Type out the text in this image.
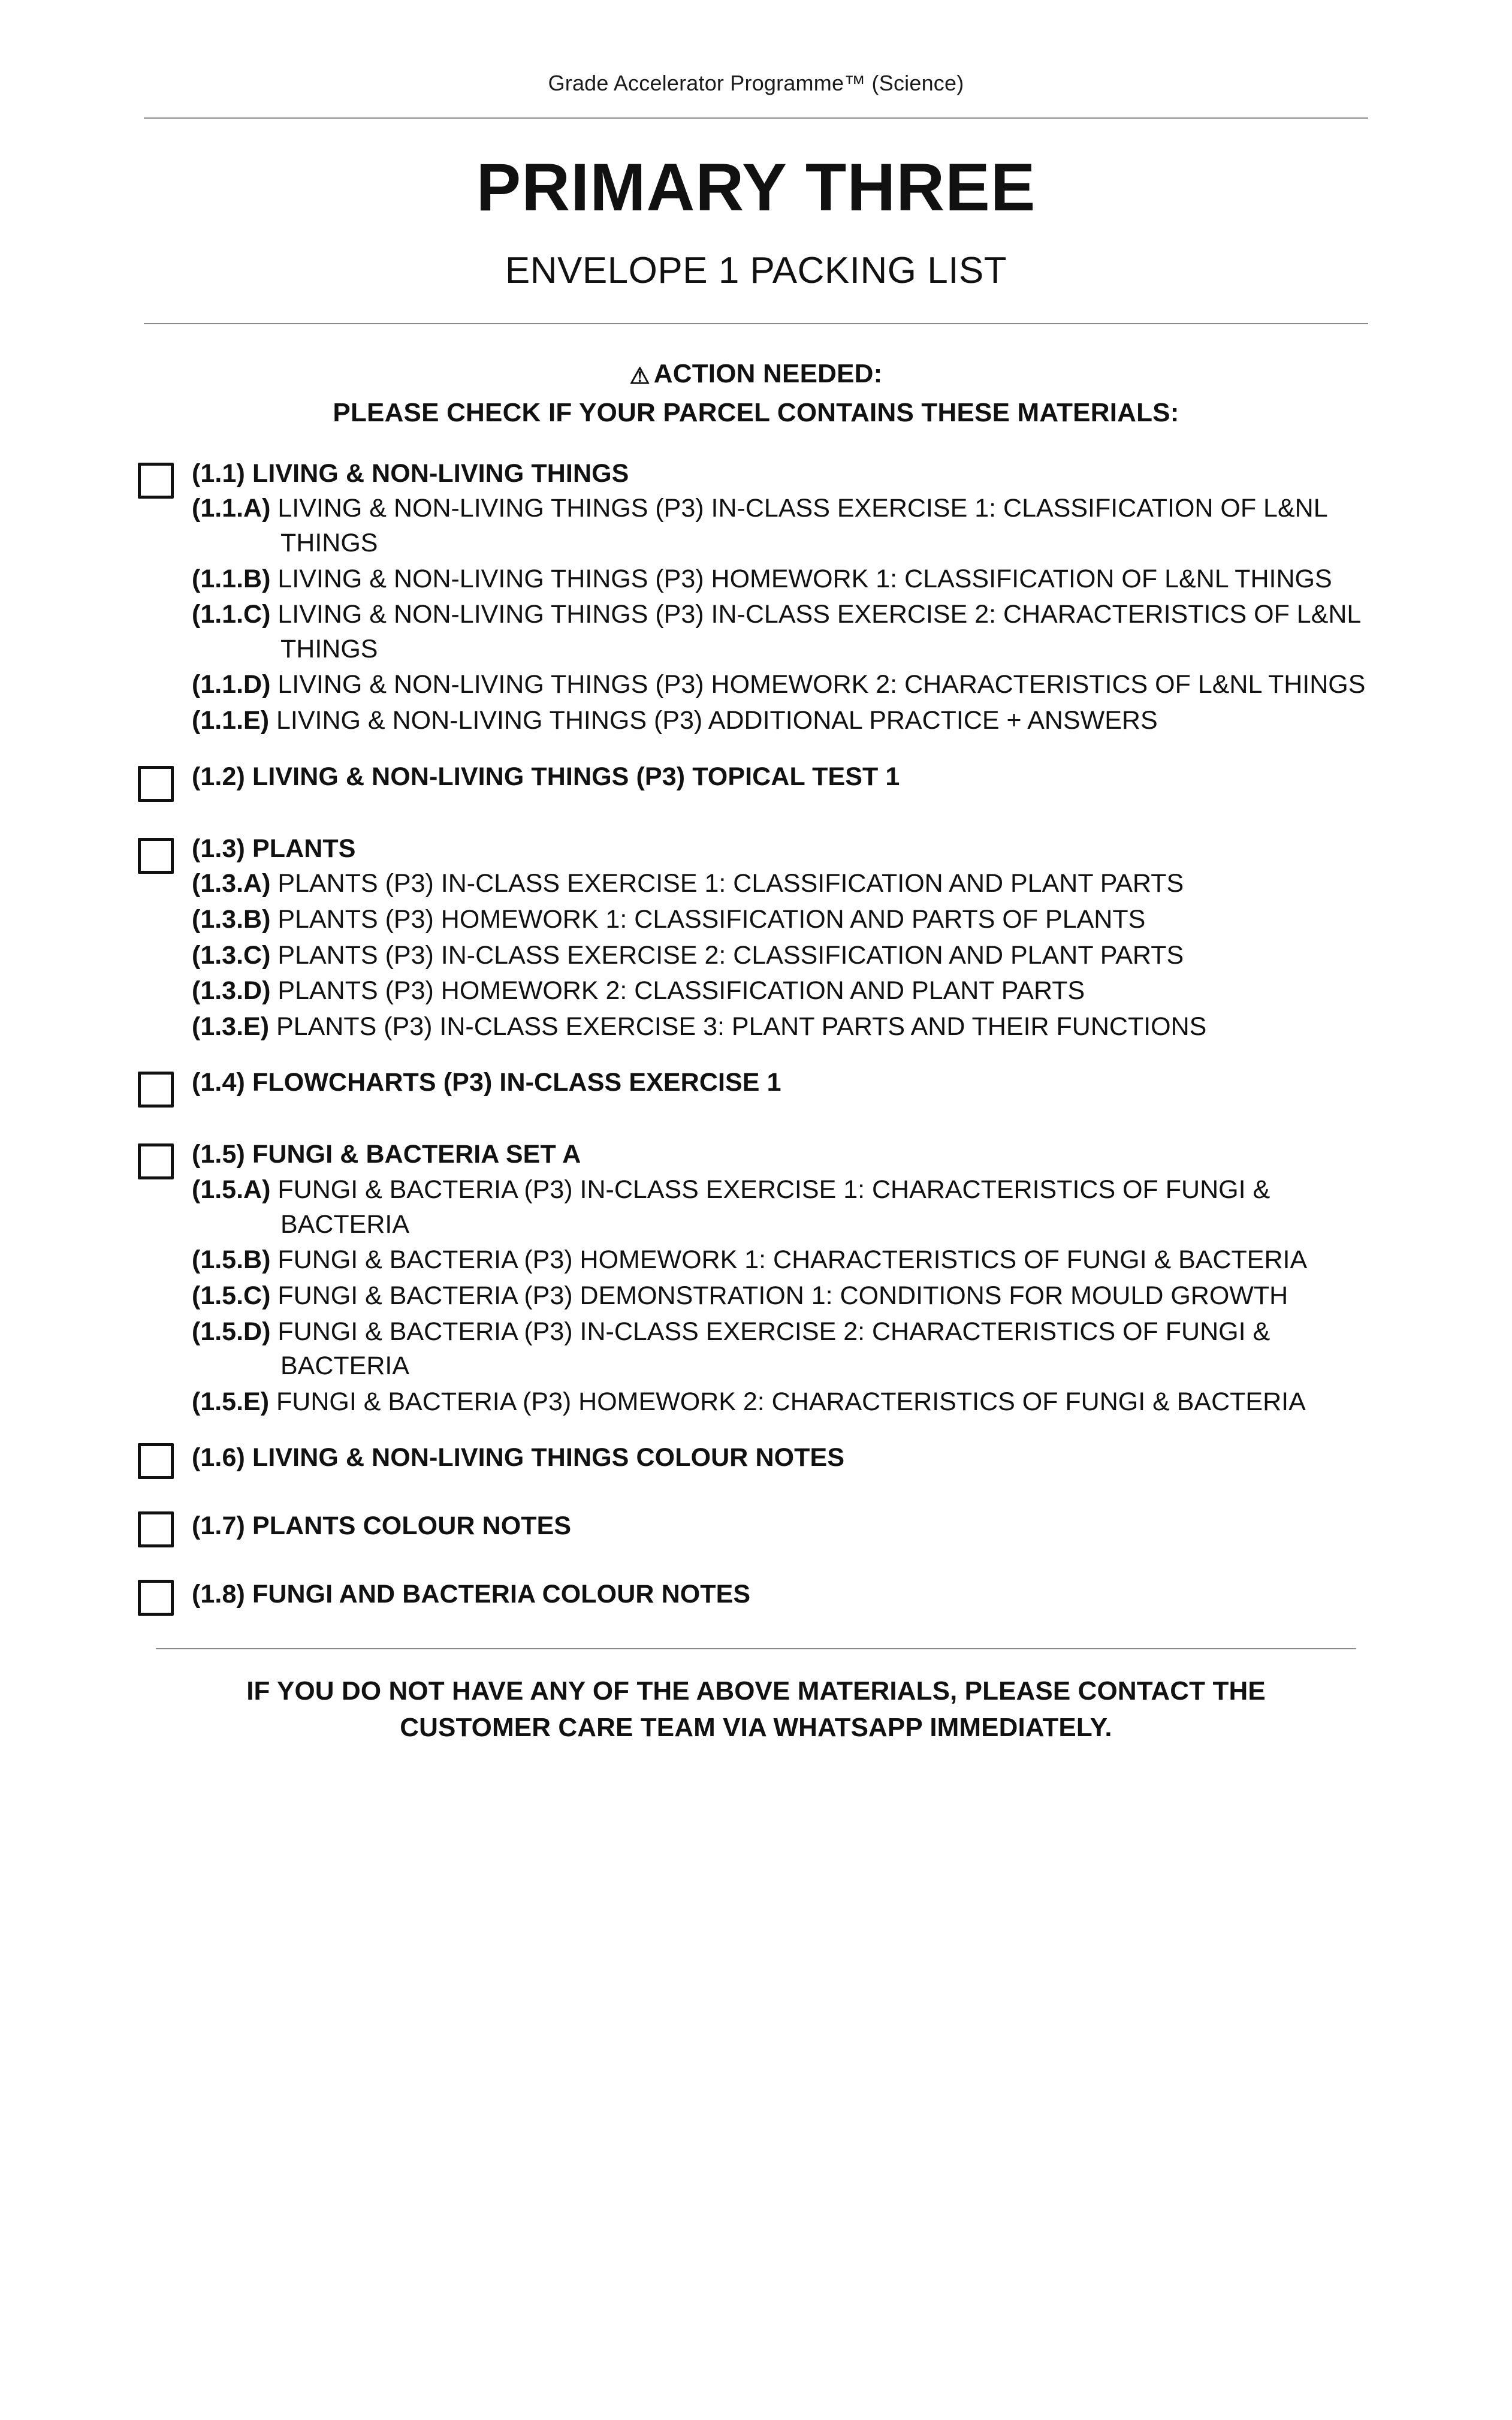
Grade Accelerator Programme™ (Science)
PRIMARY THREE
ENVELOPE 1 PACKING LIST
⚠ ACTION NEEDED:
PLEASE CHECK IF YOUR PARCEL CONTAINS THESE MATERIALS:
(1.1) LIVING & NON-LIVING THINGS
(1.1.A) LIVING & NON-LIVING THINGS (P3) IN-CLASS EXERCISE 1: CLASSIFICATION OF L&NL THINGS
(1.1.B) LIVING & NON-LIVING THINGS (P3) HOMEWORK 1: CLASSIFICATION OF L&NL THINGS
(1.1.C) LIVING & NON-LIVING THINGS (P3) IN-CLASS EXERCISE 2: CHARACTERISTICS OF L&NL THINGS
(1.1.D) LIVING & NON-LIVING THINGS (P3) HOMEWORK 2: CHARACTERISTICS OF L&NL THINGS
(1.1.E) LIVING & NON-LIVING THINGS (P3) ADDITIONAL PRACTICE + ANSWERS
(1.2) LIVING & NON-LIVING THINGS (P3) TOPICAL TEST 1
(1.3) PLANTS
(1.3.A) PLANTS (P3) IN-CLASS EXERCISE 1: CLASSIFICATION AND PLANT PARTS
(1.3.B) PLANTS (P3) HOMEWORK 1: CLASSIFICATION AND PARTS OF PLANTS
(1.3.C) PLANTS (P3) IN-CLASS EXERCISE 2: CLASSIFICATION AND PLANT PARTS
(1.3.D) PLANTS (P3) HOMEWORK 2: CLASSIFICATION AND PLANT PARTS
(1.3.E) PLANTS (P3) IN-CLASS EXERCISE 3: PLANT PARTS AND THEIR FUNCTIONS
(1.4) FLOWCHARTS (P3) IN-CLASS EXERCISE 1
(1.5) FUNGI & BACTERIA SET A
(1.5.A) FUNGI & BACTERIA (P3) IN-CLASS EXERCISE 1: CHARACTERISTICS OF FUNGI & BACTERIA
(1.5.B) FUNGI & BACTERIA (P3) HOMEWORK 1: CHARACTERISTICS OF FUNGI & BACTERIA
(1.5.C) FUNGI & BACTERIA (P3) DEMONSTRATION 1: CONDITIONS FOR MOULD GROWTH
(1.5.D) FUNGI & BACTERIA (P3) IN-CLASS EXERCISE 2: CHARACTERISTICS OF FUNGI & BACTERIA
(1.5.E) FUNGI & BACTERIA (P3) HOMEWORK 2: CHARACTERISTICS OF FUNGI & BACTERIA
(1.6) LIVING & NON-LIVING THINGS COLOUR NOTES
(1.7) PLANTS COLOUR NOTES
(1.8) FUNGI AND BACTERIA COLOUR NOTES
IF YOU DO NOT HAVE ANY OF THE ABOVE MATERIALS, PLEASE CONTACT THE
CUSTOMER CARE TEAM VIA WHATSAPP IMMEDIATELY.
